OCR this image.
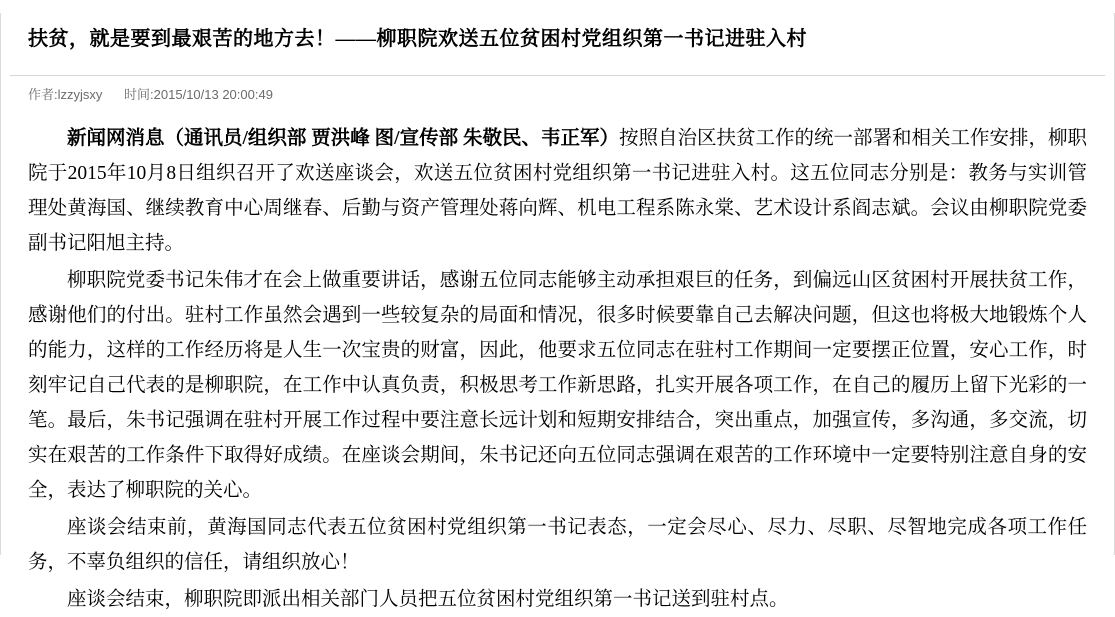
扶贫，就是要到最艰苦的地方去！——柳职院欢送五位贫困村党组织第一书记进驻入村
作者:lzzyjsxy 时间:2015/10/13 20:00:49

新闻网消息（通讯员/组织部 贾洪峰 图/宣传部 朱敬民、韦正军）按照自治区扶贫工作的统一部署和相关工作安排，柳职院于2015年10月8日组织召开了欢送座谈会，欢送五位贫困村党组织第一书记进驻入村。这五位同志分别是：教务与实训管理处黄海国、继续教育中心周继春、后勤与资产管理处蒋向辉、机电工程系陈永棠、艺术设计系阎志斌。会议由柳职院党委副书记阳旭主持。

柳职院党委书记朱伟才在会上做重要讲话，感谢五位同志能够主动承担艰巨的任务，到偏远山区贫困村开展扶贫工作，感谢他们的付出。驻村工作虽然会遇到一些较复杂的局面和情况，很多时候要靠自己去解决问题，但这也将极大地锻炼个人的能力，这样的工作经历将是人生一次宝贵的财富，因此，他要求五位同志在驻村工作期间一定要摆正位置，安心工作，时刻牢记自己代表的是柳职院，在工作中认真负责，积极思考工作新思路，扎实开展各项工作，在自己的履历上留下光彩的一笔。最后，朱书记强调在驻村开展工作过程中要注意长远计划和短期安排结合，突出重点，加强宣传，多沟通，多交流，切实在艰苦的工作条件下取得好成绩。在座谈会期间，朱书记还向五位同志强调在艰苦的工作环境中一定要特别注意自身的安全，表达了柳职院的关心。

座谈会结束前，黄海国同志代表五位贫困村党组织第一书记表态，一定会尽心、尽力、尽职、尽智地完成各项工作任务，不辜负组织的信任，请组织放心！

座谈会结束，柳职院即派出相关部门人员把五位贫困村党组织第一书记送到驻村点。
